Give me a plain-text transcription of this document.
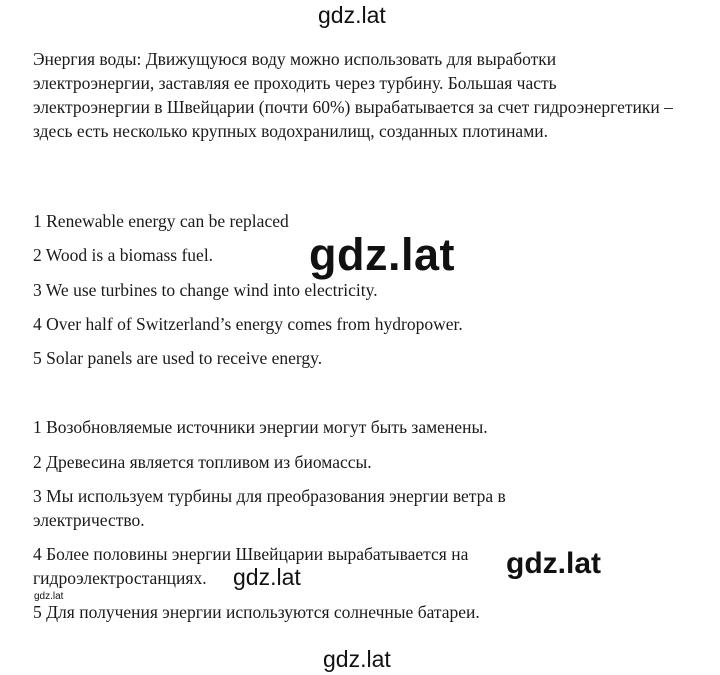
gdz.lat

Энергия воды: Движущуюся воду можно использовать для выработки электроэнергии, заставляя ее проходить через турбину. Большая часть электроэнергии в Швейцарии (почти 60%) вырабатывается за счет гидроэнергетики – здесь есть несколько крупных водохранилищ, созданных плотинами.

1 Renewable energy can be replaced

2 Wood is a biomass fuel.

3 We use turbines to change wind into electricity.

4 Over half of Switzerland’s energy comes from hydropower.

5 Solar panels are used to receive energy.

gdz.lat

1 Возобновляемые источники энергии могут быть заменены.

2 Древесина является топливом из биомассы.

3 Мы используем турбины для преобразования энергии ветра в электричество.

4 Более половины энергии Швейцарии вырабатывается на гидроэлектростанциях.

5 Для получения энергии используются солнечные батареи.

gdz.lat
gdz.lat
gdz.lat
gdz.lat
